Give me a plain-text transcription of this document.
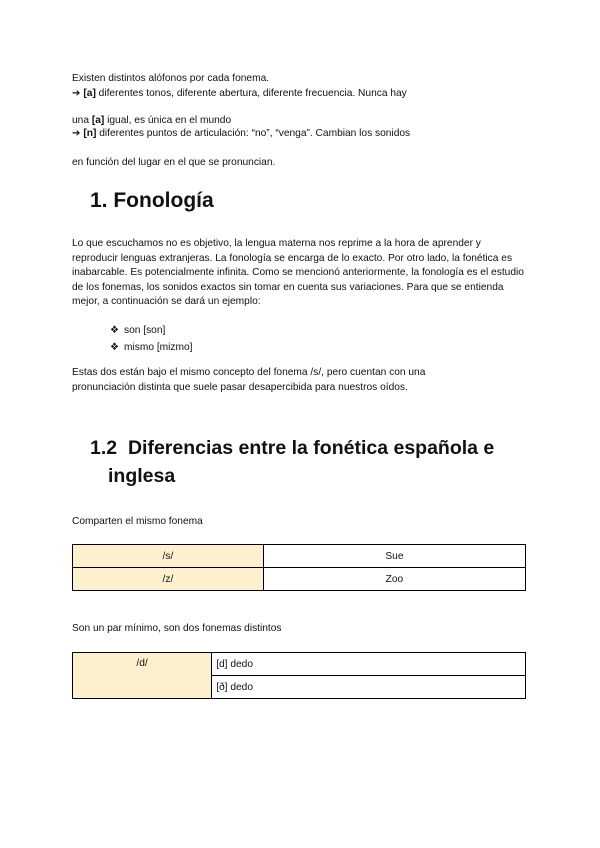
Existen distintos alófonos por cada fonema.

➔ [a] diferentes tonos, diferente abertura, diferente frecuencia. Nunca hay

una [a] igual, es única en el mundo

➔ [n] diferentes puntos de articulación: “no”, “venga”. Cambian los sonidos

en función del lugar en el que se pronuncian.

1. Fonología

Lo que escuchamos no es objetivo, la lengua materna nos reprime a la hora de aprender y reproducir lenguas extranjeras. La fonología se encarga de lo exacto. Por otro lado, la fonética es inabarcable. Es potencialmente infinita. Como se mencionó anteriormente, la fonología es el estudio de los fonemas, los sonidos exactos sin tomar en cuenta sus variaciones. Para que se entienda mejor, a continuación se dará un ejemplo:

❖ son [son]
❖ mismo [mizmo]

Estas dos están bajo el mismo concepto del fonema /s/, pero cuentan con una pronunciación distinta que suele pasar desapercibida para nuestros oídos.

1.2 Diferencias entre la fonética española e inglesa

Comparten el mismo fonema

/s/	Sue
/z/	Zoo

Son un par mínimo, son dos fonemas distintos

/d/	[d] dedo
[ð] dedo
